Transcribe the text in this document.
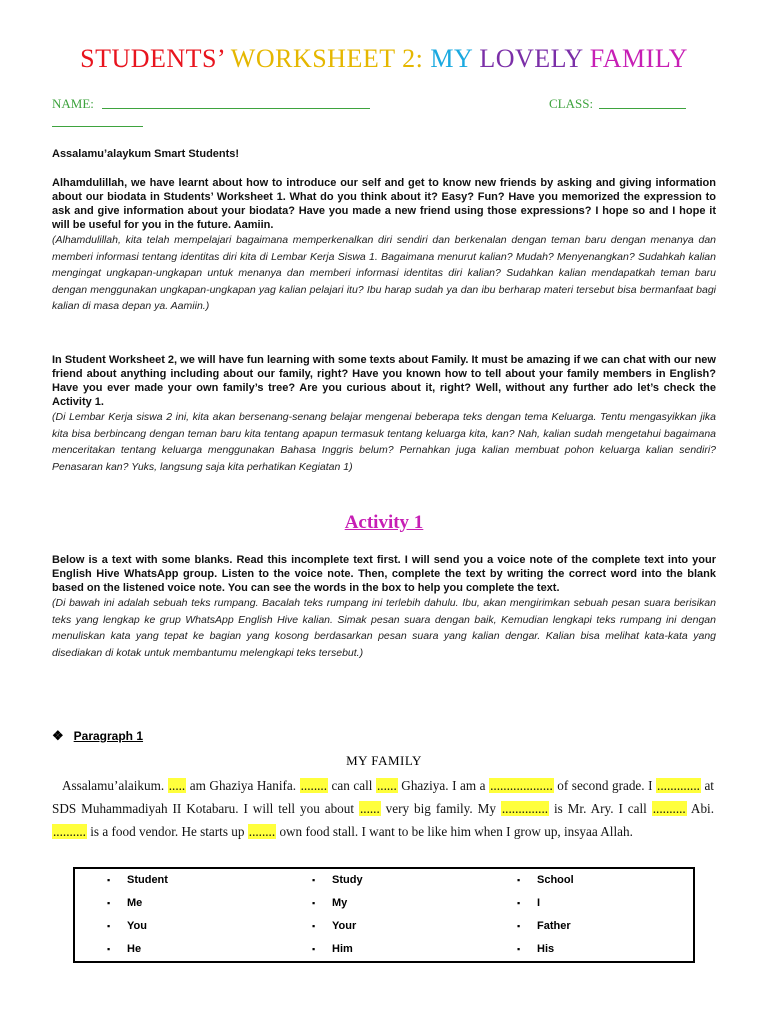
STUDENTS’ WORKSHEET 2: MY LOVELY FAMILY
NAME:	CLASS:

Assalamu’alaykum Smart Students!

Alhamdulillah, we have learnt about how to introduce our self and get to know new friends by asking and giving information about our biodata in Students’ Worksheet 1. What do you think about it? Easy? Fun? Have you memorized the expression to ask and give information about your biodata? Have you made a new friend using those expressions? I hope so and I hope it will be useful for you in the future. Aamiin.

(Alhamdulillah, kita telah mempelajari bagaimana memperkenalkan diri sendiri dan berkenalan dengan teman baru dengan menanya dan memberi informasi tentang identitas diri kita di Lembar Kerja Siswa 1. Bagaimana menurut kalian? Mudah? Menyenangkan? Sudahkah kalian mengingat ungkapan-ungkapan untuk menanya dan memberi informasi identitas diri kalian? Sudahkan kalian mendapatkah teman baru dengan menggunakan ungkapan-ungkapan yag kalian pelajari itu? Ibu harap sudah ya dan ibu berharap materi tersebut bisa bermanfaat bagi kalian di masa depan ya. Aamiin.)

In Student Worksheet 2, we will have fun learning with some texts about Family. It must be amazing if we can chat with our new friend about anything including about our family, right? Have you known how to tell about your family members in English? Have you ever made your own family’s tree? Are you curious about it, right? Well, without any further ado let’s check the Activity 1.

(Di Lembar Kerja siswa 2 ini, kita akan bersenang-senang belajar mengenai beberapa teks dengan tema Keluarga. Tentu mengasyikkan jika kita bisa berbincang dengan teman baru kita tentang apapun termasuk tentang keluarga kita, kan? Nah, kalian sudah mengetahui bagaimana menceritakan tentang keluarga menggunakan Bahasa Inggris belum? Pernahkan juga kalian membuat pohon keluarga kalian sendiri? Penasaran kan? Yuks, langsung saja kita perhatikan Kegiatan 1)

Activity 1

Below is a text with some blanks. Read this incomplete text first. I will send you a voice note of the complete text into your English Hive WhatsApp group. Listen to the voice note. Then, complete the text by writing the correct word into the blank based on the listened voice note. You can see the words in the box to help you complete the text.

(Di bawah ini adalah sebuah teks rumpang. Bacalah teks rumpang ini terlebih dahulu. Ibu, akan mengirimkan sebuah pesan suara berisikan teks yang lengkap ke grup WhatsApp English Hive kalian. Simak pesan suara dengan baik, Kemudian lengkapi teks rumpang ini dengan menuliskan kata yang tepat ke bagian yang kosong berdasarkan pesan suara yang kalian dengar. Kalian bisa melihat kata-kata yang disediakan di kotak untuk membantumu melengkapi teks tersebut.)

❖ Paragraph 1
MY FAMILY

Assalamu’alaikum. ..... am Ghaziya Hanifa. ........ can call ...... Ghaziya. I am a ................... of second grade. I ............. at SDS Muhammadiyah II Kotabaru. I will tell you about ...... very big family. My .............. is Mr. Ary. I call .......... Abi. .......... is a food vendor. He starts up ........ own food stall. I want to be like him when I grow up, insyaa Allah.

▪ Student	▪ Study	▪ School
▪ Me	▪ My	▪ I
▪ You	▪ Your	▪ Father
▪ He	▪ Him	▪ His
